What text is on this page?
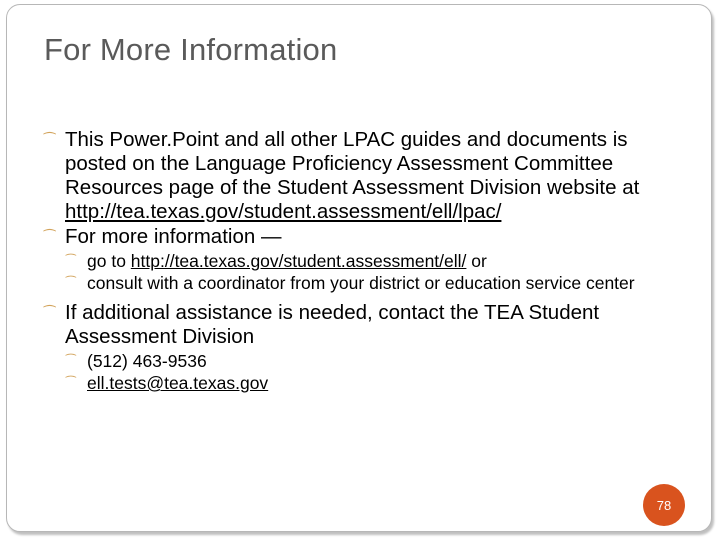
For More Information
⁀ This Power.Point and all other LPAC guides and documents is posted on the Language Proficiency Assessment Committee Resources page of the Student Assessment Division website at http://tea.texas.gov/student.assessment/ell/lpac/
⁀ For more information —
⁀ go to http://tea.texas.gov/student.assessment/ell/ or
⁀ consult with a coordinator from your district or education service center
⁀ If additional assistance is needed, contact the TEA Student Assessment Division
⁀ (512) 463-9536
⁀ ell.tests@tea.texas.gov
78
